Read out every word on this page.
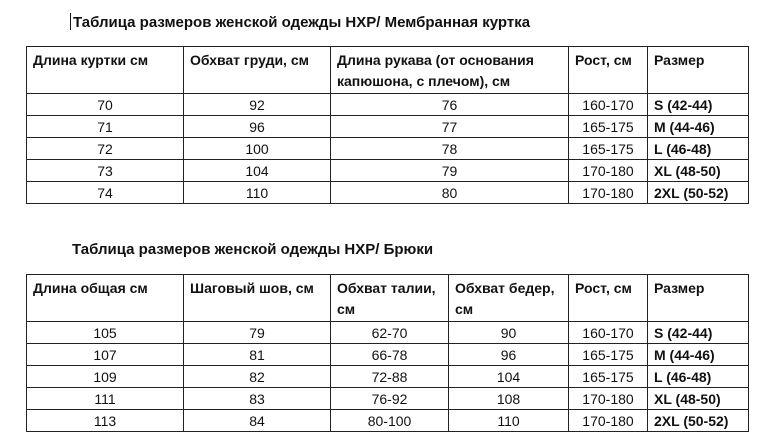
Таблица размеров женской одежды HXP/ Мембранная куртка
Длина куртки см	Обхват груди, см	Длина рукава (от основания капюшона, с плечом), см	Рост, см	Размер
70	92	76	160-170	S (42-44)
71	96	77	165-175	M (44-46)
72	100	78	165-175	L (46-48)
73	104	79	170-180	XL (48-50)
74	110	80	170-180	2XL (50-52)
Таблица размеров женской одежды HXP/ Брюки
Длина общая см	Шаговый шов, см	Обхват талии, см	Обхват бедер, см	Рост, см	Размер
105	79	62-70	90	160-170	S (42-44)
107	81	66-78	96	165-175	M (44-46)
109	82	72-88	104	165-175	L (46-48)
111	83	76-92	108	170-180	XL (48-50)
113	84	80-100	110	170-180	2XL (50-52)
